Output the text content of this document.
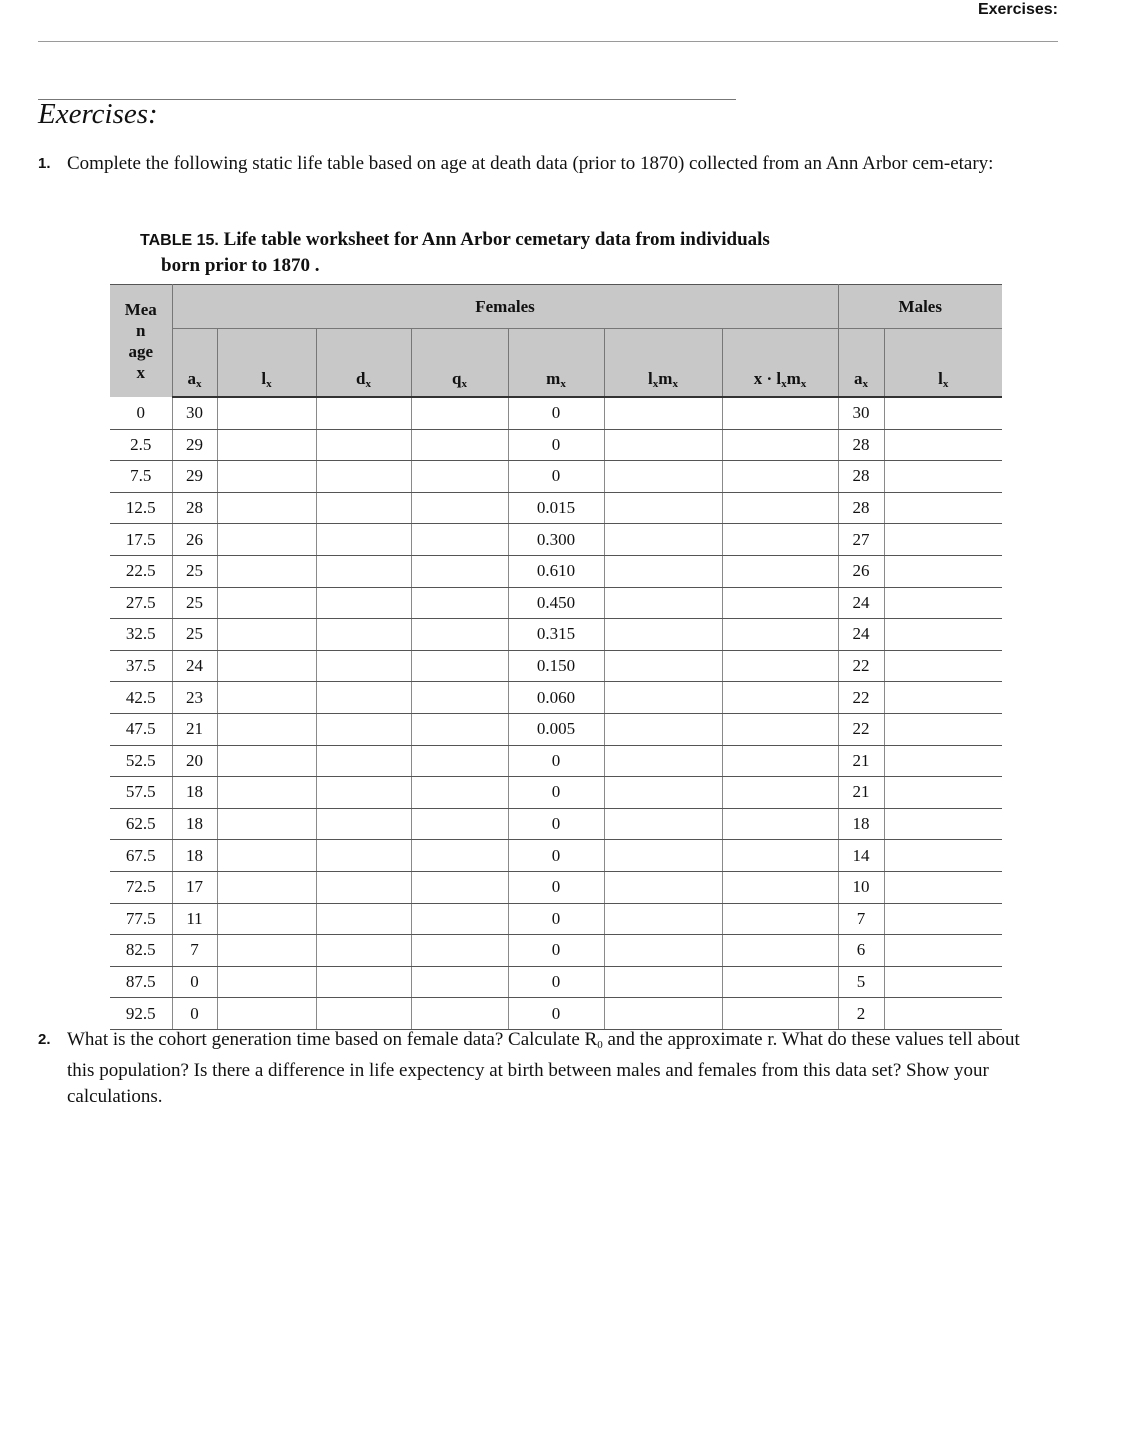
Exercises:
Exercises:
1. Complete the following static life table based on age at death data (prior to 1870) collected from an Ann Arbor cem-etary:
TABLE 15. Life table worksheet for Ann Arbor cemetary data from individuals
born prior to 1870 .
Mea
n
age
x	Females							Males	
	$a_x$	$l_x$	$d_x$	$q_x$	$m_x$	$l_xm_x$	$x \cdot l_xm_x$	$a_x$	$l_x$
0	30				0			30	
2.5	29				0			28	
7.5	29				0			28	
12.5	28				0.015			28	
17.5	26				0.300			27	
22.5	25				0.610			26	
27.5	25				0.450			24	
32.5	25				0.315			24	
37.5	24				0.150			22	
42.5	23				0.060			22	
47.5	21				0.005			22	
52.5	20				0			21	
57.5	18				0			21	
62.5	18				0			18	
67.5	18				0			14	
72.5	17				0			10	
77.5	11				0			7	
82.5	7				0			6	
87.5	0				0			5	
92.5	0				0			2	
2. What is the cohort generation time based on female data? Calculate $R_0$ and the approximate r. What do these values tell about this population? Is there a difference in life expectency at birth between males and females from this data set? Show your calculations.
